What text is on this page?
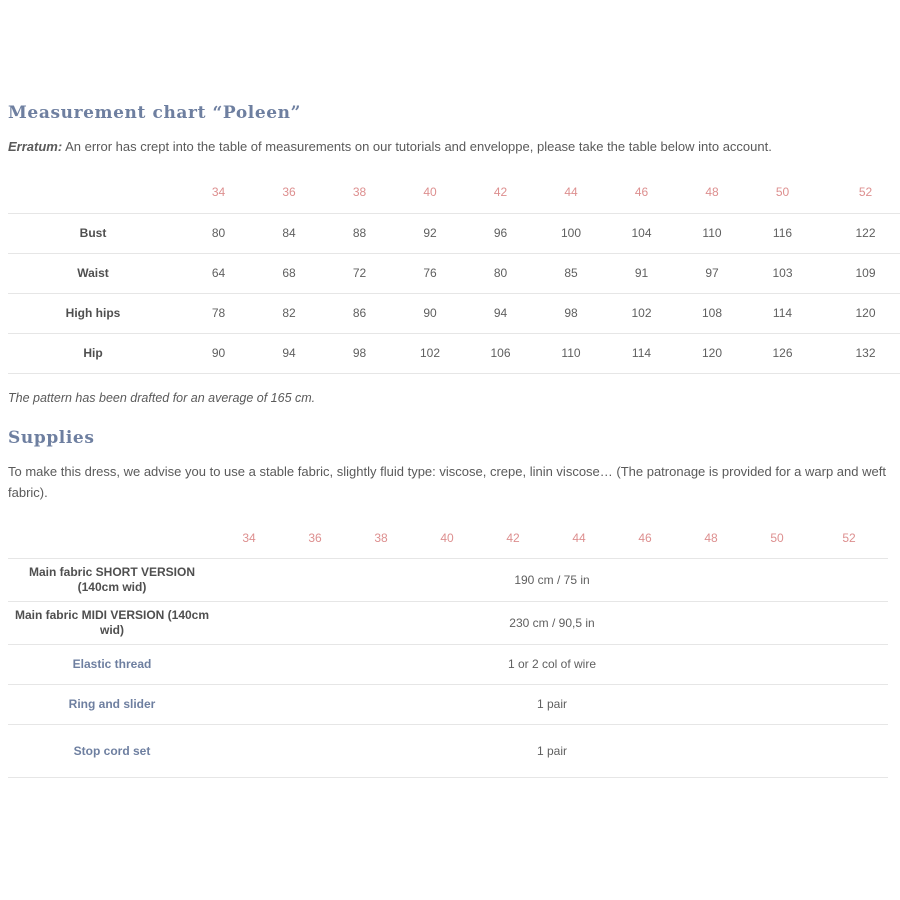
Measurement chart “Poleen”

Erratum: An error has crept into the table of measurements on our tutorials and enveloppe, please take the table below into account.

	34	36	38	40	42	44	46	48	50	52
Bust	80	84	88	92	96	100	104	110	116	122
Waist	64	68	72	76	80	85	91	97	103	109
High hips	78	82	86	90	94	98	102	108	114	120
Hip	90	94	98	102	106	110	114	120	126	132

The pattern has been drafted for an average of 165 cm.

Supplies

To make this dress, we advise you to use a stable fabric, slightly fluid type: viscose, crepe, linin viscose… (The patronage is provided for a warp and weft fabric).

	34	36	38	40	42	44	46	48	50	52
Main fabric SHORT VERSION (140cm wid)	190 cm / 75 in									
Main fabric MIDI VERSION (140cm wid)	230 cm / 90,5 in									
Elastic thread	1 or 2 col of wire									
Ring and slider	1 pair									
Stop cord set	1 pair									
